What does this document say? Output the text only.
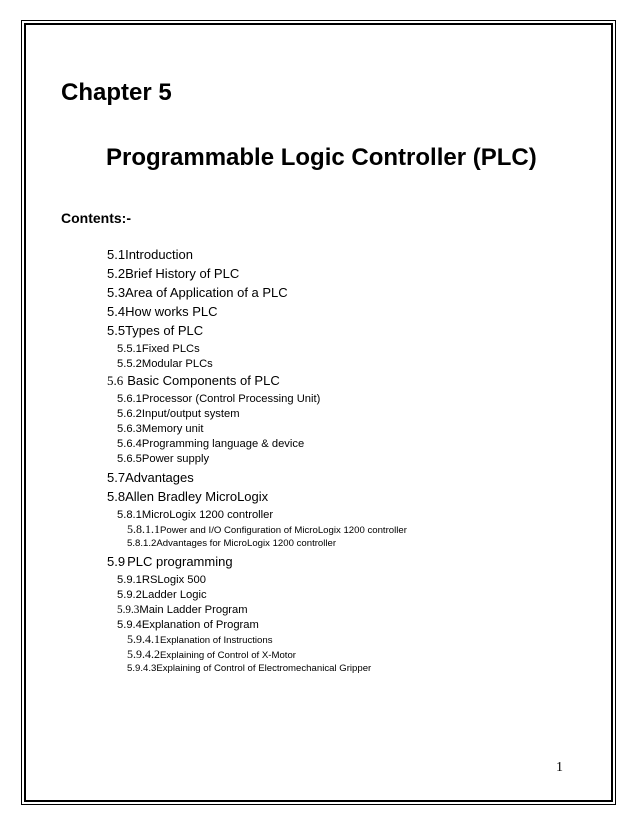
Chapter 5
Programmable Logic Controller (PLC)
Contents:-
5.1Introduction
5.2Brief History of PLC
5.3Area of Application of a PLC
5.4How works PLC
5.5Types of PLC
5.5.1Fixed PLCs
5.5.2Modular PLCs
5.6 Basic Components of PLC
5.6.1Processor (Control Processing Unit)
5.6.2Input/output system
5.6.3Memory unit
5.6.4Programming language & device
5.6.5Power supply
5.7Advantages
5.8Allen Bradley MicroLogix
5.8.1MicroLogix 1200 controller
5.8.1.1Power and I/O Configuration of MicroLogix 1200 controller
5.8.1.2Advantages for MicroLogix 1200 controller
5.9 PLC programming
5.9.1RSLogix 500
5.9.2Ladder Logic
5.9.3Main Ladder Program
5.9.4Explanation of Program
5.9.4.1Explanation of Instructions
5.9.4.2Explaining of Control of X-Motor
5.9.4.3Explaining of Control of Electromechanical Gripper
1
